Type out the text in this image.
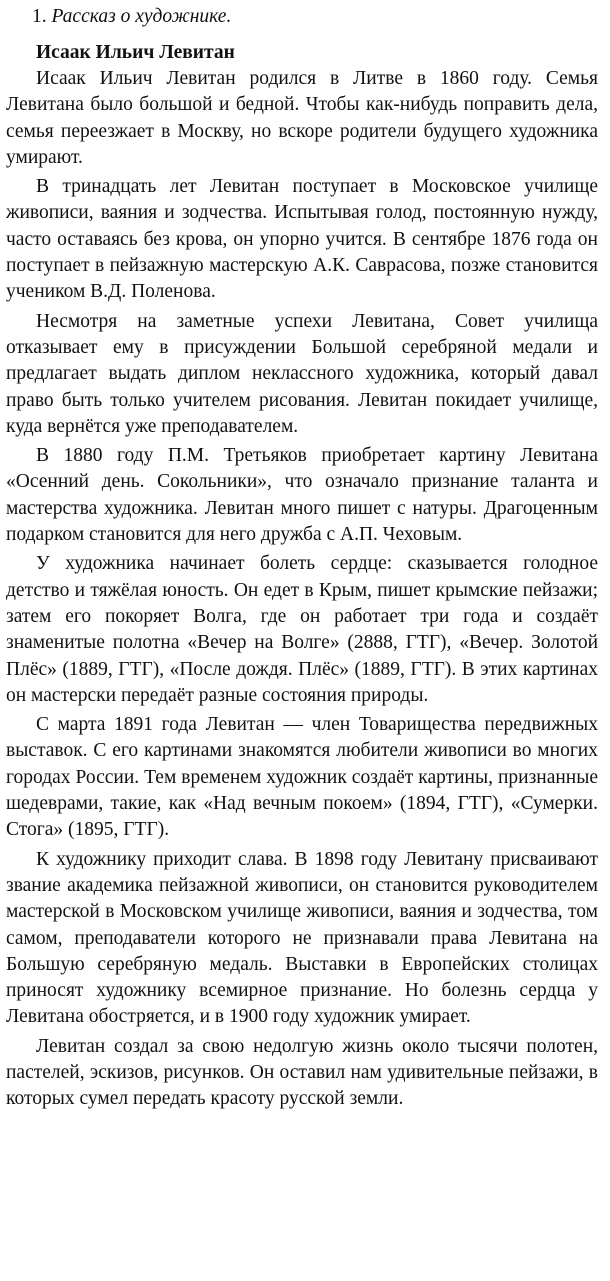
1. Рассказ о художнике.
Исаак Ильич Левитан

Исаак Ильич Левитан родился в Литве в 1860 году. Семья Левитана было большой и бедной. Чтобы как-нибудь поправить дела, семья переезжает в Москву, но вскоре родители будущего художника умирают.

В тринадцать лет Левитан поступает в Московское училище живописи, ваяния и зодчества. Испытывая голод, постоянную нужду, часто оставаясь без крова, он упорно учится. В сентябре 1876 года он поступает в пейзажную мастерскую А.К. Саврасова, позже становится учеником В.Д. Поленова.

Несмотря на заметные успехи Левитана, Совет училища отказывает ему в присуждении Большой серебряной медали и предлагает выдать диплом неклассного художника, который давал право быть только учителем рисования. Левитан покидает училище, куда вернётся уже преподавателем.

В 1880 году П.М. Третьяков приобретает картину Левитана «Осенний день. Сокольники», что означало признание таланта и мастерства художника. Левитан много пишет с натуры. Драгоценным подарком становится для него дружба с А.П. Чеховым.

У художника начинает болеть сердце: сказывается голодное детство и тяжёлая юность. Он едет в Крым, пишет крымские пейзажи; затем его покоряет Волга, где он работает три года и создаёт знаменитые полотна «Вечер на Волге» (2888, ГТГ), «Вечер. Золотой Плёс» (1889, ГТГ), «После дождя. Плёс» (1889, ГТГ). В этих картинах он мастерски передаёт разные состояния природы.

С марта 1891 года Левитан — член Товарищества передвижных выставок. С его картинами знакомятся любители живописи во многих городах России. Тем временем художник создаёт картины, признанные шедеврами, такие, как «Над вечным покоем» (1894, ГТГ), «Сумерки. Стога» (1895, ГТГ).

К художнику приходит слава. В 1898 году Левитану присваивают звание академика пейзажной живописи, он становится руководителем мастерской в Московском училище живописи, ваяния и зодчества, том самом, преподаватели которого не признавали права Левитана на Большую серебряную медаль. Выставки в Европейских столицах приносят художнику всемирное признание. Но болезнь сердца у Левитана обостряется, и в 1900 году художник умирает.

Левитан создал за свою недолгую жизнь около тысячи полотен, пастелей, эскизов, рисунков. Он оставил нам удивительные пейзажи, в которых сумел передать красоту русской земли.
